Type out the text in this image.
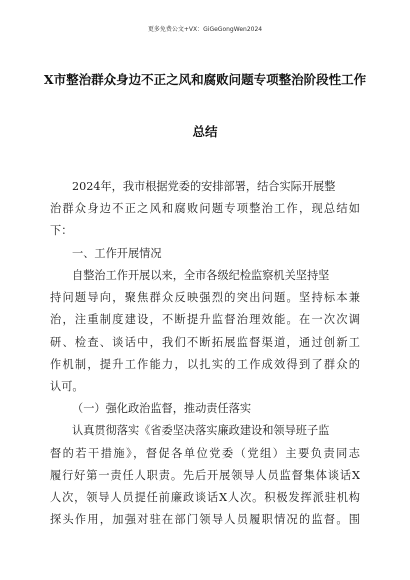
更多免费公文+VX：GiGeGongWen2024
X市整治群众身边不正之风和腐败问题专项整治阶段性工作
总结
2024年，我市根据党委的安排部署，结合实际开展整
治群众身边不正之风和腐败问题专项整治工作，现总结如
下：
一、工作开展情况
自整治工作开展以来，全市各级纪检监察机关坚持坚
持问题导向，聚焦群众反映强烈的突出问题。坚持标本兼
治，注重制度建设，不断提升监督治理效能。在一次次调
研、检查、谈话中，我们不断拓展监督渠道，通过创新工
作机制，提升工作能力，以扎实的工作成效得到了群众的
认可。
（一）强化政治监督，推动责任落实
认真贯彻落实《省委坚决落实廉政建设和领导班子监
督的若干措施》，督促各单位党委（党组）主要负责同志
履行好第一责任人职责。先后开展领导人员监督集体谈话X
人次，领导人员提任前廉政谈话X人次。积极发挥派驻机构
探头作用，加强对驻在部门领导人员履职情况的监督。围
